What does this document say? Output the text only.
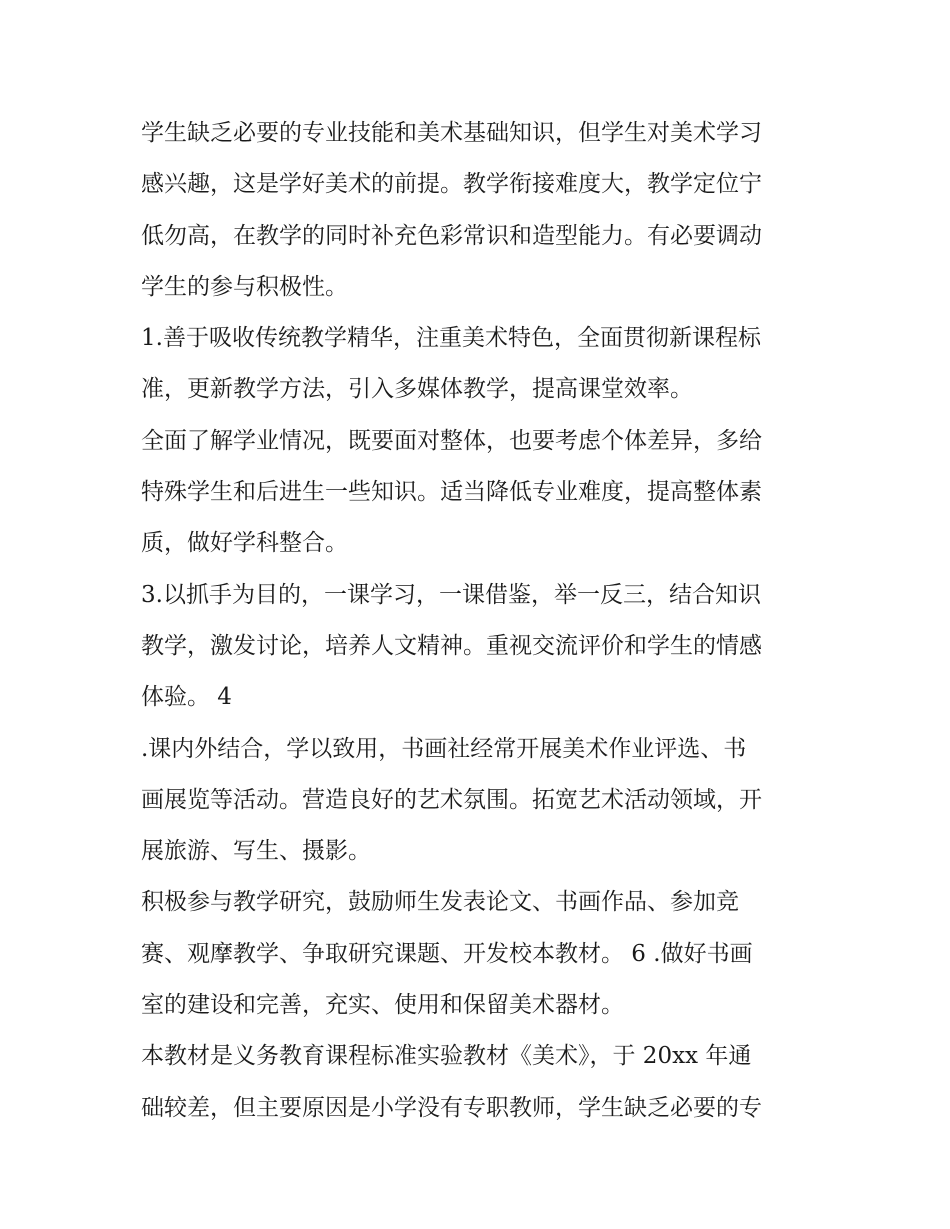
学生缺乏必要的专业技能和美术基础知识，但学生对美术学习
感兴趣，这是学好美术的前提。教学衔接难度大，教学定位宁
低勿高，在教学的同时补充色彩常识和造型能力。有必要调动
学生的参与积极性。
1.善于吸收传统教学精华，注重美术特色，全面贯彻新课程标
准，更新教学方法，引入多媒体教学，提高课堂效率。
全面了解学业情况，既要面对整体，也要考虑个体差异，多给
特殊学生和后进生一些知识。适当降低专业难度，提高整体素
质，做好学科整合。
3.以抓手为目的，一课学习，一课借鉴，举一反三，结合知识
教学，激发讨论，培养人文精神。重视交流评价和学生的情感
体验。 4
.课内外结合，学以致用，书画社经常开展美术作业评选、书
画展览等活动。营造良好的艺术氛围。拓宽艺术活动领域，开
展旅游、写生、摄影。
积极参与教学研究，鼓励师生发表论文、书画作品、参加竞
赛、观摩教学、争取研究课题、开发校本教材。 6 .做好书画
室的建设和完善，充实、使用和保留美术器材。
本教材是义务教育课程标准实验教材《美术》，于 20xx 年通
础较差，但主要原因是小学没有专职教师，学生缺乏必要的专
